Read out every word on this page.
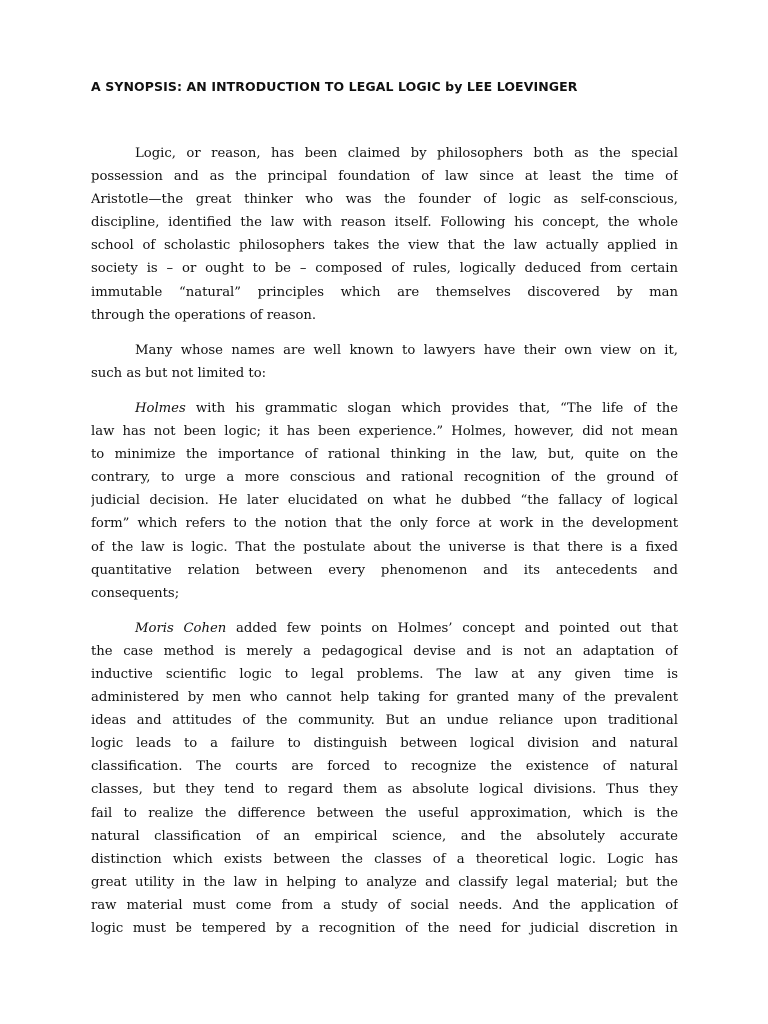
A SYNOPSIS: AN INTRODUCTION TO LEGAL LOGIC by LEE LOEVINGER

Logic, or reason, has been claimed by philosophers both as the special
possession and as the principal foundation of law since at least the time of
Aristotle—the great thinker who was the founder of logic as self-conscious,
discipline, identified the law with reason itself. Following his concept, the whole
school of scholastic philosophers takes the view that the law actually applied in
society is – or ought to be – composed of rules, logically deduced from certain
immutable “natural” principles which are themselves discovered by man
through the operations of reason.

Many whose names are well known to lawyers have their own view on it,
such as but not limited to:

Holmes with his grammatic slogan which provides that, “The life of the
law has not been logic; it has been experience.” Holmes, however, did not mean
to minimize the importance of rational thinking in the law, but, quite on the
contrary, to urge a more conscious and rational recognition of the ground of
judicial decision. He later elucidated on what he dubbed “the fallacy of logical
form” which refers to the notion that the only force at work in the development
of the law is logic. That the postulate about the universe is that there is a fixed
quantitative relation between every phenomenon and its antecedents and
consequents;

Moris Cohen added few points on Holmes’ concept and pointed out that
the case method is merely a pedagogical devise and is not an adaptation of
inductive scientific logic to legal problems. The law at any given time is
administered by men who cannot help taking for granted many of the prevalent
ideas and attitudes of the community. But an undue reliance upon traditional
logic leads to a failure to distinguish between logical division and natural
classification. The courts are forced to recognize the existence of natural
classes, but they tend to regard them as absolute logical divisions. Thus they
fail to realize the difference between the useful approximation, which is the
natural classification of an empirical science, and the absolutely accurate
distinction which exists between the classes of a theoretical logic. Logic has
great utility in the law in helping to analyze and classify legal material; but the
raw material must come from a study of social needs. And the application of
logic must be tempered by a recognition of the need for judicial discretion in
